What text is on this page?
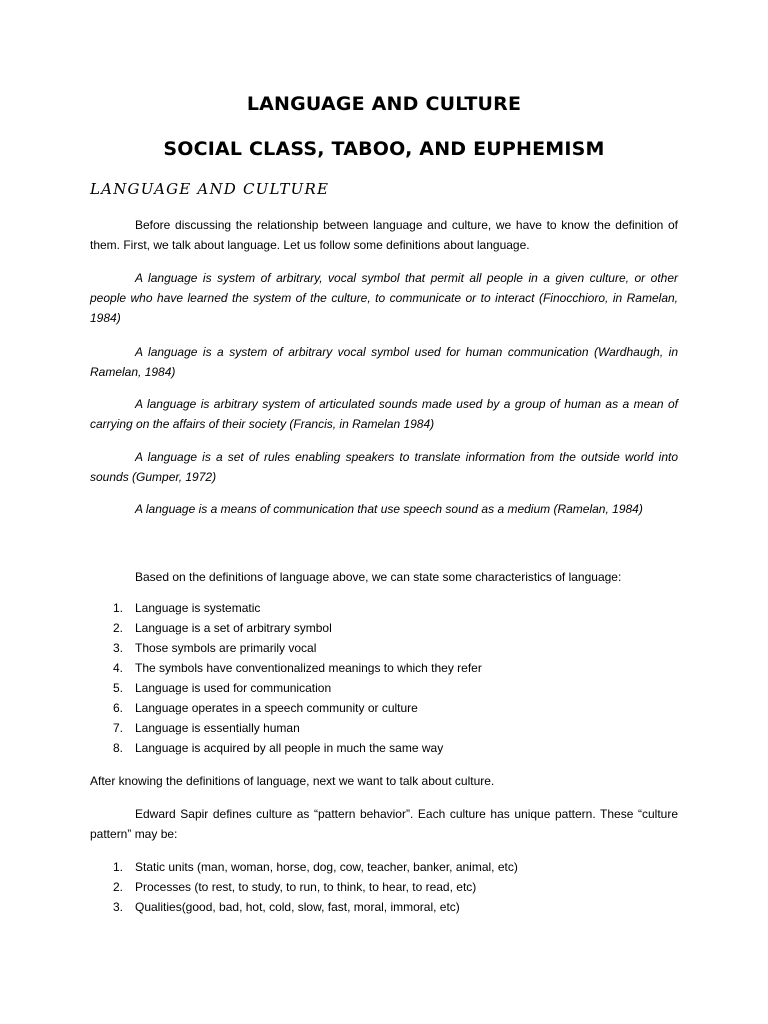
LANGUAGE AND CULTURE
SOCIAL CLASS, TABOO, AND EUPHEMISM
LANGUAGE AND CULTURE

Before discussing the relationship between language and culture, we have to know the definition of them. First, we talk about language. Let us follow some definitions about language.

A language is system of arbitrary, vocal symbol that permit all people in a given culture, or other people who have learned the system of the culture, to communicate or to interact (Finocchioro, in Ramelan, 1984)

A language is a system of arbitrary vocal symbol used for human communication (Wardhaugh, in Ramelan, 1984)

A language is arbitrary system of articulated sounds made used by a group of human as a mean of carrying on the affairs of their society (Francis, in Ramelan 1984)

A language is a set of rules enabling speakers to translate information from the outside world into sounds (Gumper, 1972)

A language is a means of communication that use speech sound as a medium (Ramelan, 1984)

Based on the definitions of language above, we can state some characteristics of language:

1. Language is systematic
2. Language is a set of arbitrary symbol
3. Those symbols are primarily vocal
4. The symbols have conventionalized meanings to which they refer
5. Language is used for communication
6. Language operates in a speech community or culture
7. Language is essentially human
8. Language is acquired by all people in much the same way

After knowing the definitions of language, next we want to talk about culture.

Edward Sapir defines culture as “pattern behavior”. Each culture has unique pattern. These “culture pattern” may be:

1. Static units (man, woman, horse, dog, cow, teacher, banker, animal, etc)
2. Processes (to rest, to study, to run, to think, to hear, to read, etc)
3. Qualities(good, bad, hot, cold, slow, fast, moral, immoral, etc)
